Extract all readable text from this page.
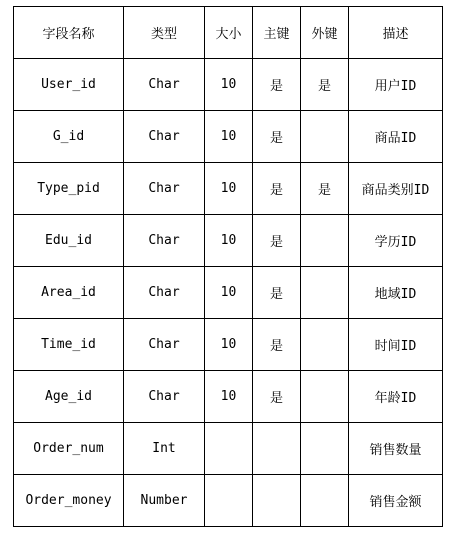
字段名称	类型	大小	主键	外键	描述
User_id	Char	10	是	是	用户ID
G_id	Char	10	是		商品ID
Type_pid	Char	10	是	是	商品类别ID
Edu_id	Char	10	是		学历ID
Area_id	Char	10	是		地域ID
Time_id	Char	10	是		时间ID
Age_id	Char	10	是		年龄ID
Order_num	Int				销售数量
Order_money	Number				销售金额
